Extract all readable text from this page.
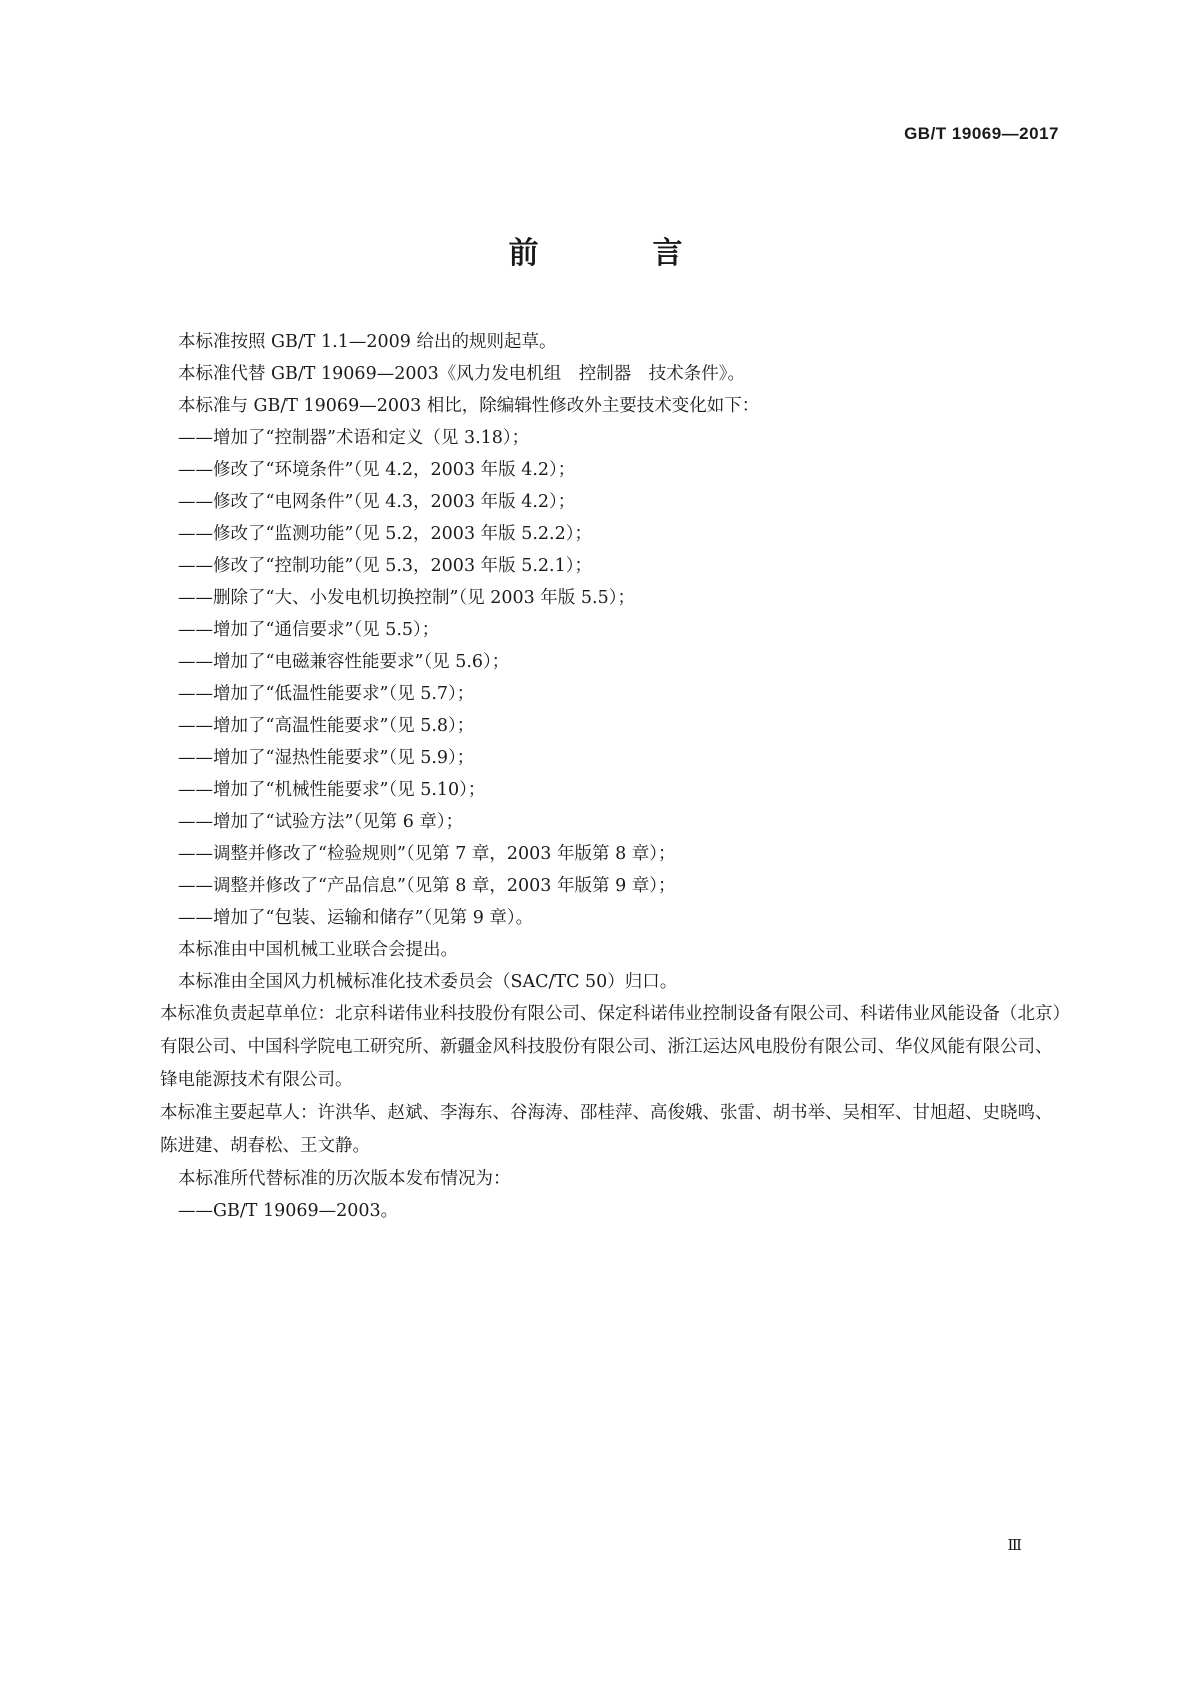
GB/T 19069—2017
前　言

本标准按照 GB/T 1.1—2009 给出的规则起草。

本标准代替 GB/T 19069—2003《风力发电机组　控制器　技术条件》。

本标准与 GB/T 19069—2003 相比，除编辑性修改外主要技术变化如下：

——增加了“控制器”术语和定义（见 3.18）；

——修改了“环境条件”（见 4.2，2003 年版 4.2）；

——修改了“电网条件”（见 4.3，2003 年版 4.2）；

——修改了“监测功能”（见 5.2，2003 年版 5.2.2）；

——修改了“控制功能”（见 5.3，2003 年版 5.2.1）；

——删除了“大、小发电机切换控制”（见 2003 年版 5.5）；

——增加了“通信要求”（见 5.5）；

——增加了“电磁兼容性能要求”（见 5.6）；

——增加了“低温性能要求”（见 5.7）；

——增加了“高温性能要求”（见 5.8）；

——增加了“湿热性能要求”（见 5.9）；

——增加了“机械性能要求”（见 5.10）；

——增加了“试验方法”（见第 6 章）；

——调整并修改了“检验规则”（见第 7 章，2003 年版第 8 章）；

——调整并修改了“产品信息”（见第 8 章，2003 年版第 9 章）；

——增加了“包装、运输和储存”（见第 9 章）。

本标准由中国机械工业联合会提出。

本标准由全国风力机械标准化技术委员会（SAC/TC 50）归口。

本标准负责起草单位：北京科诺伟业科技股份有限公司、保定科诺伟业控制设备有限公司、科诺伟业风能设备（北京）有限公司、中国科学院电工研究所、新疆金风科技股份有限公司、浙江运达风电股份有限公司、华仪风能有限公司、锋电能源技术有限公司。

本标准主要起草人：许洪华、赵斌、李海东、谷海涛、邵桂萍、高俊娥、张雷、胡书举、吴相军、甘旭超、史晓鸣、陈进建、胡春松、王文静。

本标准所代替标准的历次版本发布情况为：

——GB/T 19069—2003。

Ⅲ
